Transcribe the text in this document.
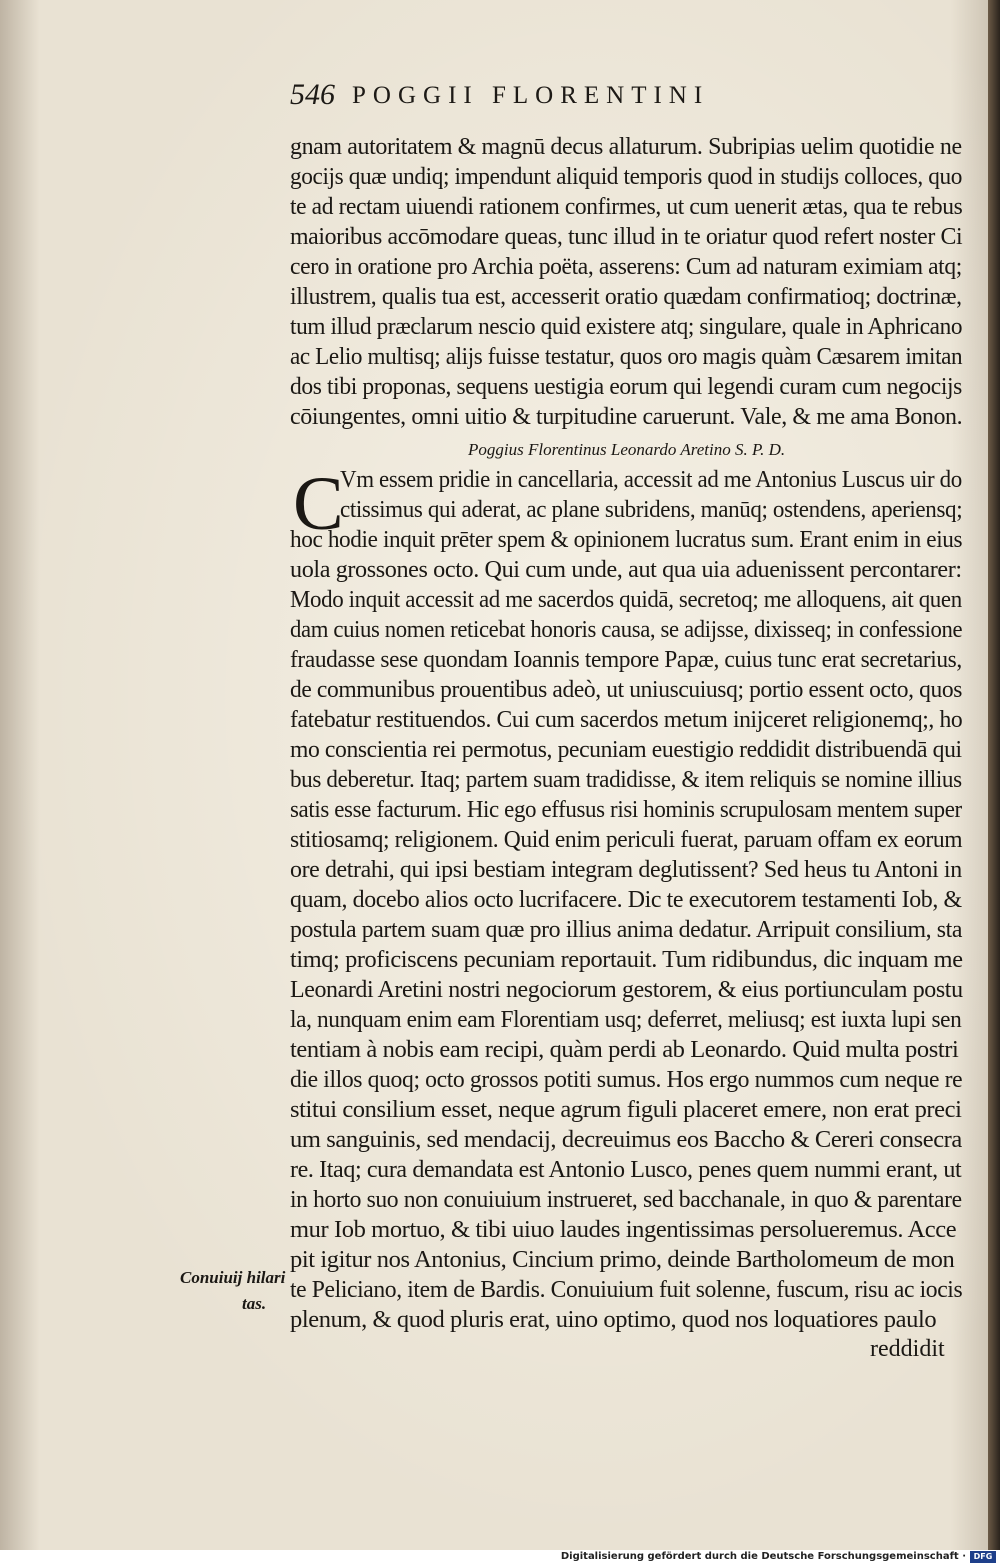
546 POGGII FLORENTINI
gnam autoritatem & magnū decus allaturum. Subripias uelim quotidie ne
gocijs quæ undiq; impendunt aliquid temporis quod in studijs colloces, quo
te ad rectam uiuendi rationem confirmes, ut cum uenerit ætas, qua te rebus
maioribus accōmodare queas, tunc illud in te oriatur quod refert noster Ci
cero in oratione pro Archia poëta, asserens: Cum ad naturam eximiam atq;
illustrem, qualis tua est, accesserit oratio quædam confirmatioq; doctrinæ,
tum illud præclarum nescio quid existere atq; singulare, quale in Aphricano
ac Lelio multisq; alijs fuisse testatur, quos oro magis quàm Cæsarem imitan
dos tibi proponas, sequens uestigia eorum qui legendi curam cum negocijs
cōiungentes, omni uitio & turpitudine caruerunt. Vale, & me ama Bonon.
Poggius Florentinus Leonardo Aretino S. P. D.
C
Vm essem pridie in cancellaria, accessit ad me Antonius Luscus uir do
ctissimus qui aderat, ac plane subridens, manūq; ostendens, aperiensq;
hoc hodie inquit prēter spem & opinionem lucratus sum. Erant enim in eius
uola grossones octo. Qui cum unde, aut qua uia aduenissent percontarer:
Modo inquit accessit ad me sacerdos quidā, secretoq; me alloquens, ait quen
dam cuius nomen reticebat honoris causa, se adijsse, dixisseq; in confessione
fraudasse sese quondam Ioannis tempore Papæ, cuius tunc erat secretarius,
de communibus prouentibus adeò, ut uniuscuiusq; portio essent octo, quos
fatebatur restituendos. Cui cum sacerdos metum inijceret religionemq;, ho
mo conscientia rei permotus, pecuniam euestigio reddidit distribuendā qui
bus deberetur. Itaq; partem suam tradidisse, & item reliquis se nomine illius
satis esse facturum. Hic ego effusus risi hominis scrupulosam mentem super
stitiosamq; religionem. Quid enim periculi fuerat, paruam offam ex eorum
ore detrahi, qui ipsi bestiam integram deglutissent? Sed heus tu Antoni in
quam, docebo alios octo lucrifacere. Dic te executorem testamenti Iob, &
postula partem suam quæ pro illius anima dedatur. Arripuit consilium, sta
timq; proficiscens pecuniam reportauit. Tum ridibundus, dic inquam me
Leonardi Aretini nostri negociorum gestorem, & eius portiunculam postu
la, nunquam enim eam Florentiam usq; deferret, meliusq; est iuxta lupi sen
tentiam à nobis eam recipi, quàm perdi ab Leonardo. Quid multa postri
die illos quoq; octo grossos potiti sumus. Hos ergo nummos cum neque re
stitui consilium esset, neque agrum figuli placeret emere, non erat preci
um sanguinis, sed mendacij, decreuimus eos Baccho & Cereri consecra
re. Itaq; cura demandata est Antonio Lusco, penes quem nummi erant, ut
in horto suo non conuiuium instrueret, sed bacchanale, in quo & parentare
mur Iob mortuo, & tibi uiuo laudes ingentissimas persolueremus. Acce
pit igitur nos Antonius, Cincium primo, deinde Bartholomeum de mon
te Peliciano, item de Bardis. Conuiuium fuit solenne, fuscum, risu ac iocis
plenum, & quod pluris erat, uino optimo, quod nos loquatiores paulo
Conuiuij hilari
tas.
reddidit
Digitalisierung gefördert durch die Deutsche Forschungsgemeinschaft · DFG
